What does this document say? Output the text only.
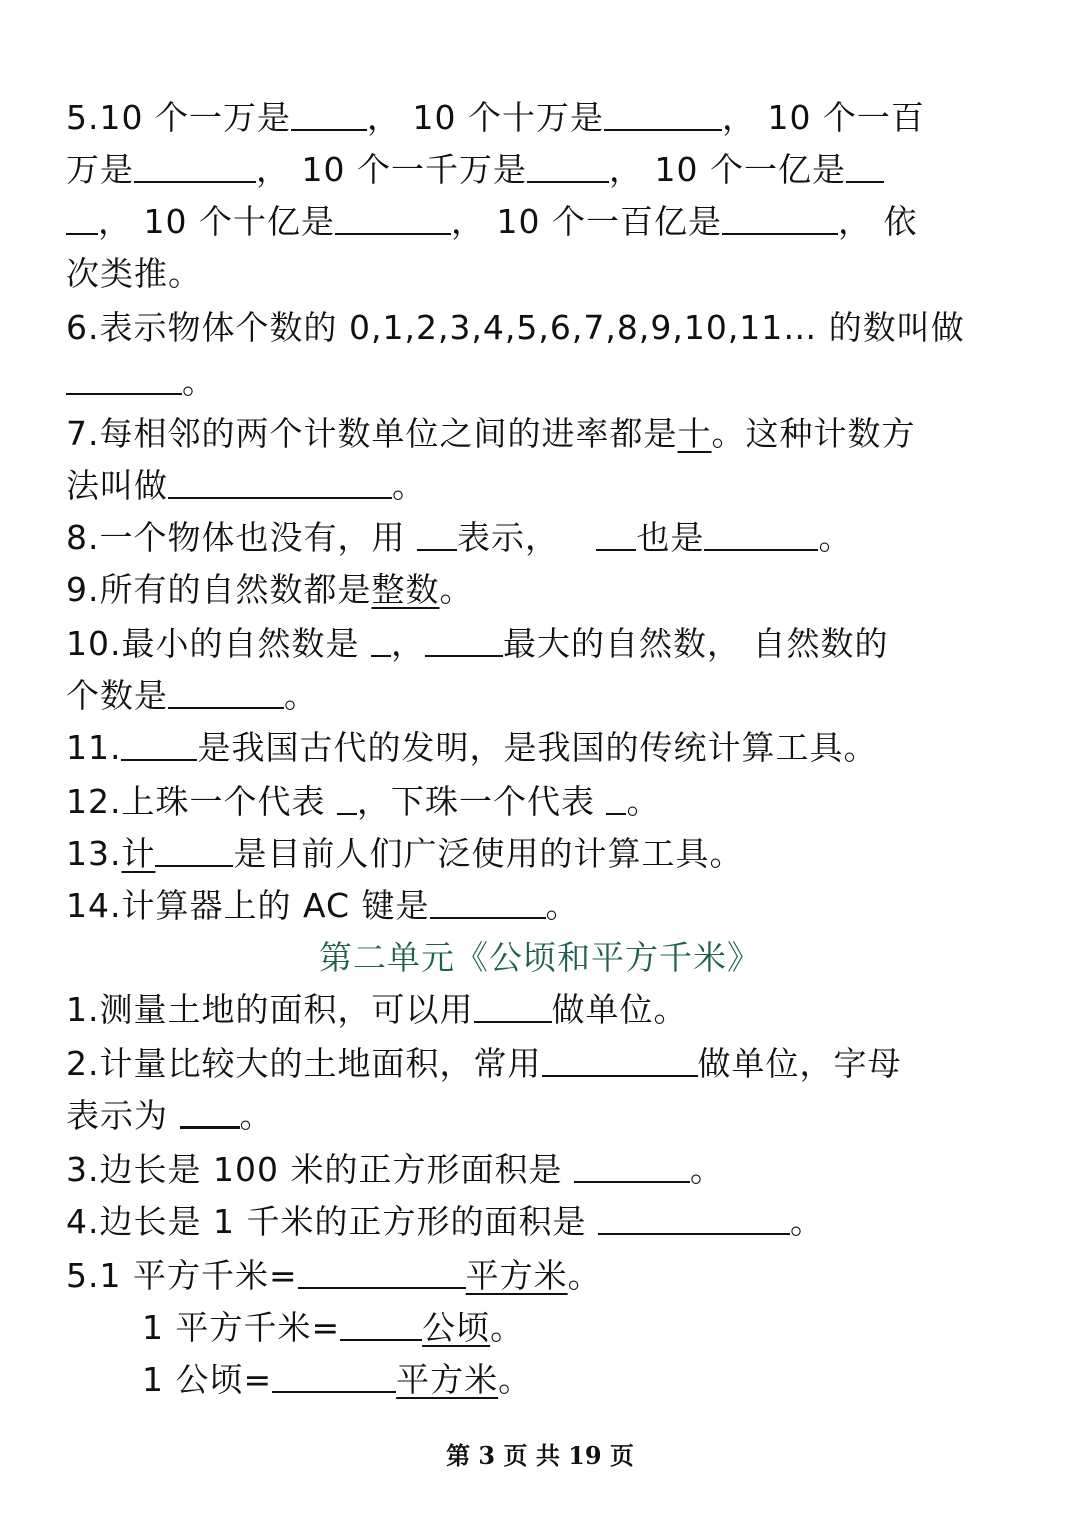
5.10 个一万是 ， 10 个十万是	， 10 个一百
万是	， 10 个一千万是 ， 10 个一亿是
， 10 个十亿是	， 10 个一百亿是	， 依
次类推。
6.表示物体个数的 0,1,2,3,4,5,6,7,8,9,10,11… 的数叫做
。
7.每相邻的两个计数单位之间的进率都是十。这种计数方
法叫做	。
8.一个物体也没有，用 表示， 也是	。
9.所有的自然数都是整数。
10.最小的自然数是 ， 最大的自然数， 自然数的
个数是	。
11. 是我国古代的发明，是我国的传统计算工具。
12.上珠一个代表 ，下珠一个代表 。
13.计 是目前人们广泛使用的计算工具。
14.计算器上的 AC 键是	。
第二单元《公顷和平方千米》
1.测量土地的面积，可以用 做单位。
2.计量比较大的土地面积，常用	做单位，字母
表示为 。
3.边长是 100 米的正方形面积是	。
4.边长是 1 千米的正方形的面积是	。
5.1 平方千米=	平方米。
1 平方千米= 公顷。
1 公顷=	平方米。
第 3 页 共 19 页
